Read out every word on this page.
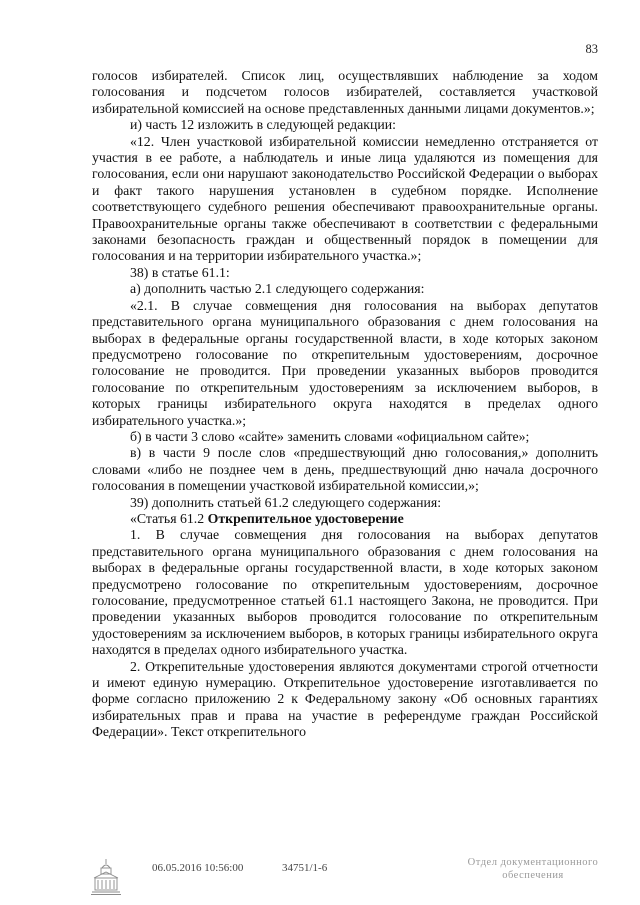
83

голосов избирателей. Список лиц, осуществлявших наблюдение за ходом голосования и подсчетом голосов избирателей, составляется участковой избирательной комиссией на основе представленных данными лицами документов.»;

и) часть 12 изложить в следующей редакции:

«12. Член участковой избирательной комиссии немедленно отстраняется от участия в ее работе, а наблюдатель и иные лица удаляются из помещения для голосования, если они нарушают законодательство Российской Федерации о выборах и факт такого нарушения установлен в судебном порядке. Исполнение соответствующего судебного решения обеспечивают правоохранительные органы. Правоохранительные органы также обеспечивают в соответствии с федеральными законами безопасность граждан и общественный порядок в помещении для голосования и на территории избирательного участка.»;

38) в статье 61.1:

а) дополнить частью 2.1 следующего содержания:

«2.1. В случае совмещения дня голосования на выборах депутатов представительного органа муниципального образования с днем голосования на выборах в федеральные органы государственной власти, в ходе которых законом предусмотрено голосование по открепительным удостоверениям, досрочное голосование не проводится. При проведении указанных выборов проводится голосование по открепительным удостоверениям за исключением выборов, в которых границы избирательного округа находятся в пределах одного избирательного участка.»;

б) в части 3 слово «сайте» заменить словами «официальном сайте»;

в) в части 9 после слов «предшествующий дню голосования,» дополнить словами «либо не позднее чем в день, предшествующий дню начала досрочного голосования в помещении участковой избирательной комиссии,»;

39) дополнить статьей 61.2 следующего содержания:

«Статья 61.2 Открепительное удостоверение

1. В случае совмещения дня голосования на выборах депутатов представительного органа муниципального образования с днем голосования на выборах в федеральные органы государственной власти, в ходе которых законом предусмотрено голосование по открепительным удостоверениям, досрочное голосование, предусмотренное статьей 61.1 настоящего Закона, не проводится. При проведении указанных выборов проводится голосование по открепительным удостоверениям за исключением выборов, в которых границы избирательного округа находятся в пределах одного избирательного участка.

2. Открепительные удостоверения являются документами строгой отчетности и имеют единую нумерацию. Открепительное удостоверение изготавливается по форме согласно приложению 2 к Федеральному закону «Об основных гарантиях избирательных прав и права на участие в референдуме граждан Российской Федерации». Текст открепительного

06.05.2016 10:56:00	34751/1-6	Отдел документационного
обеспечения
